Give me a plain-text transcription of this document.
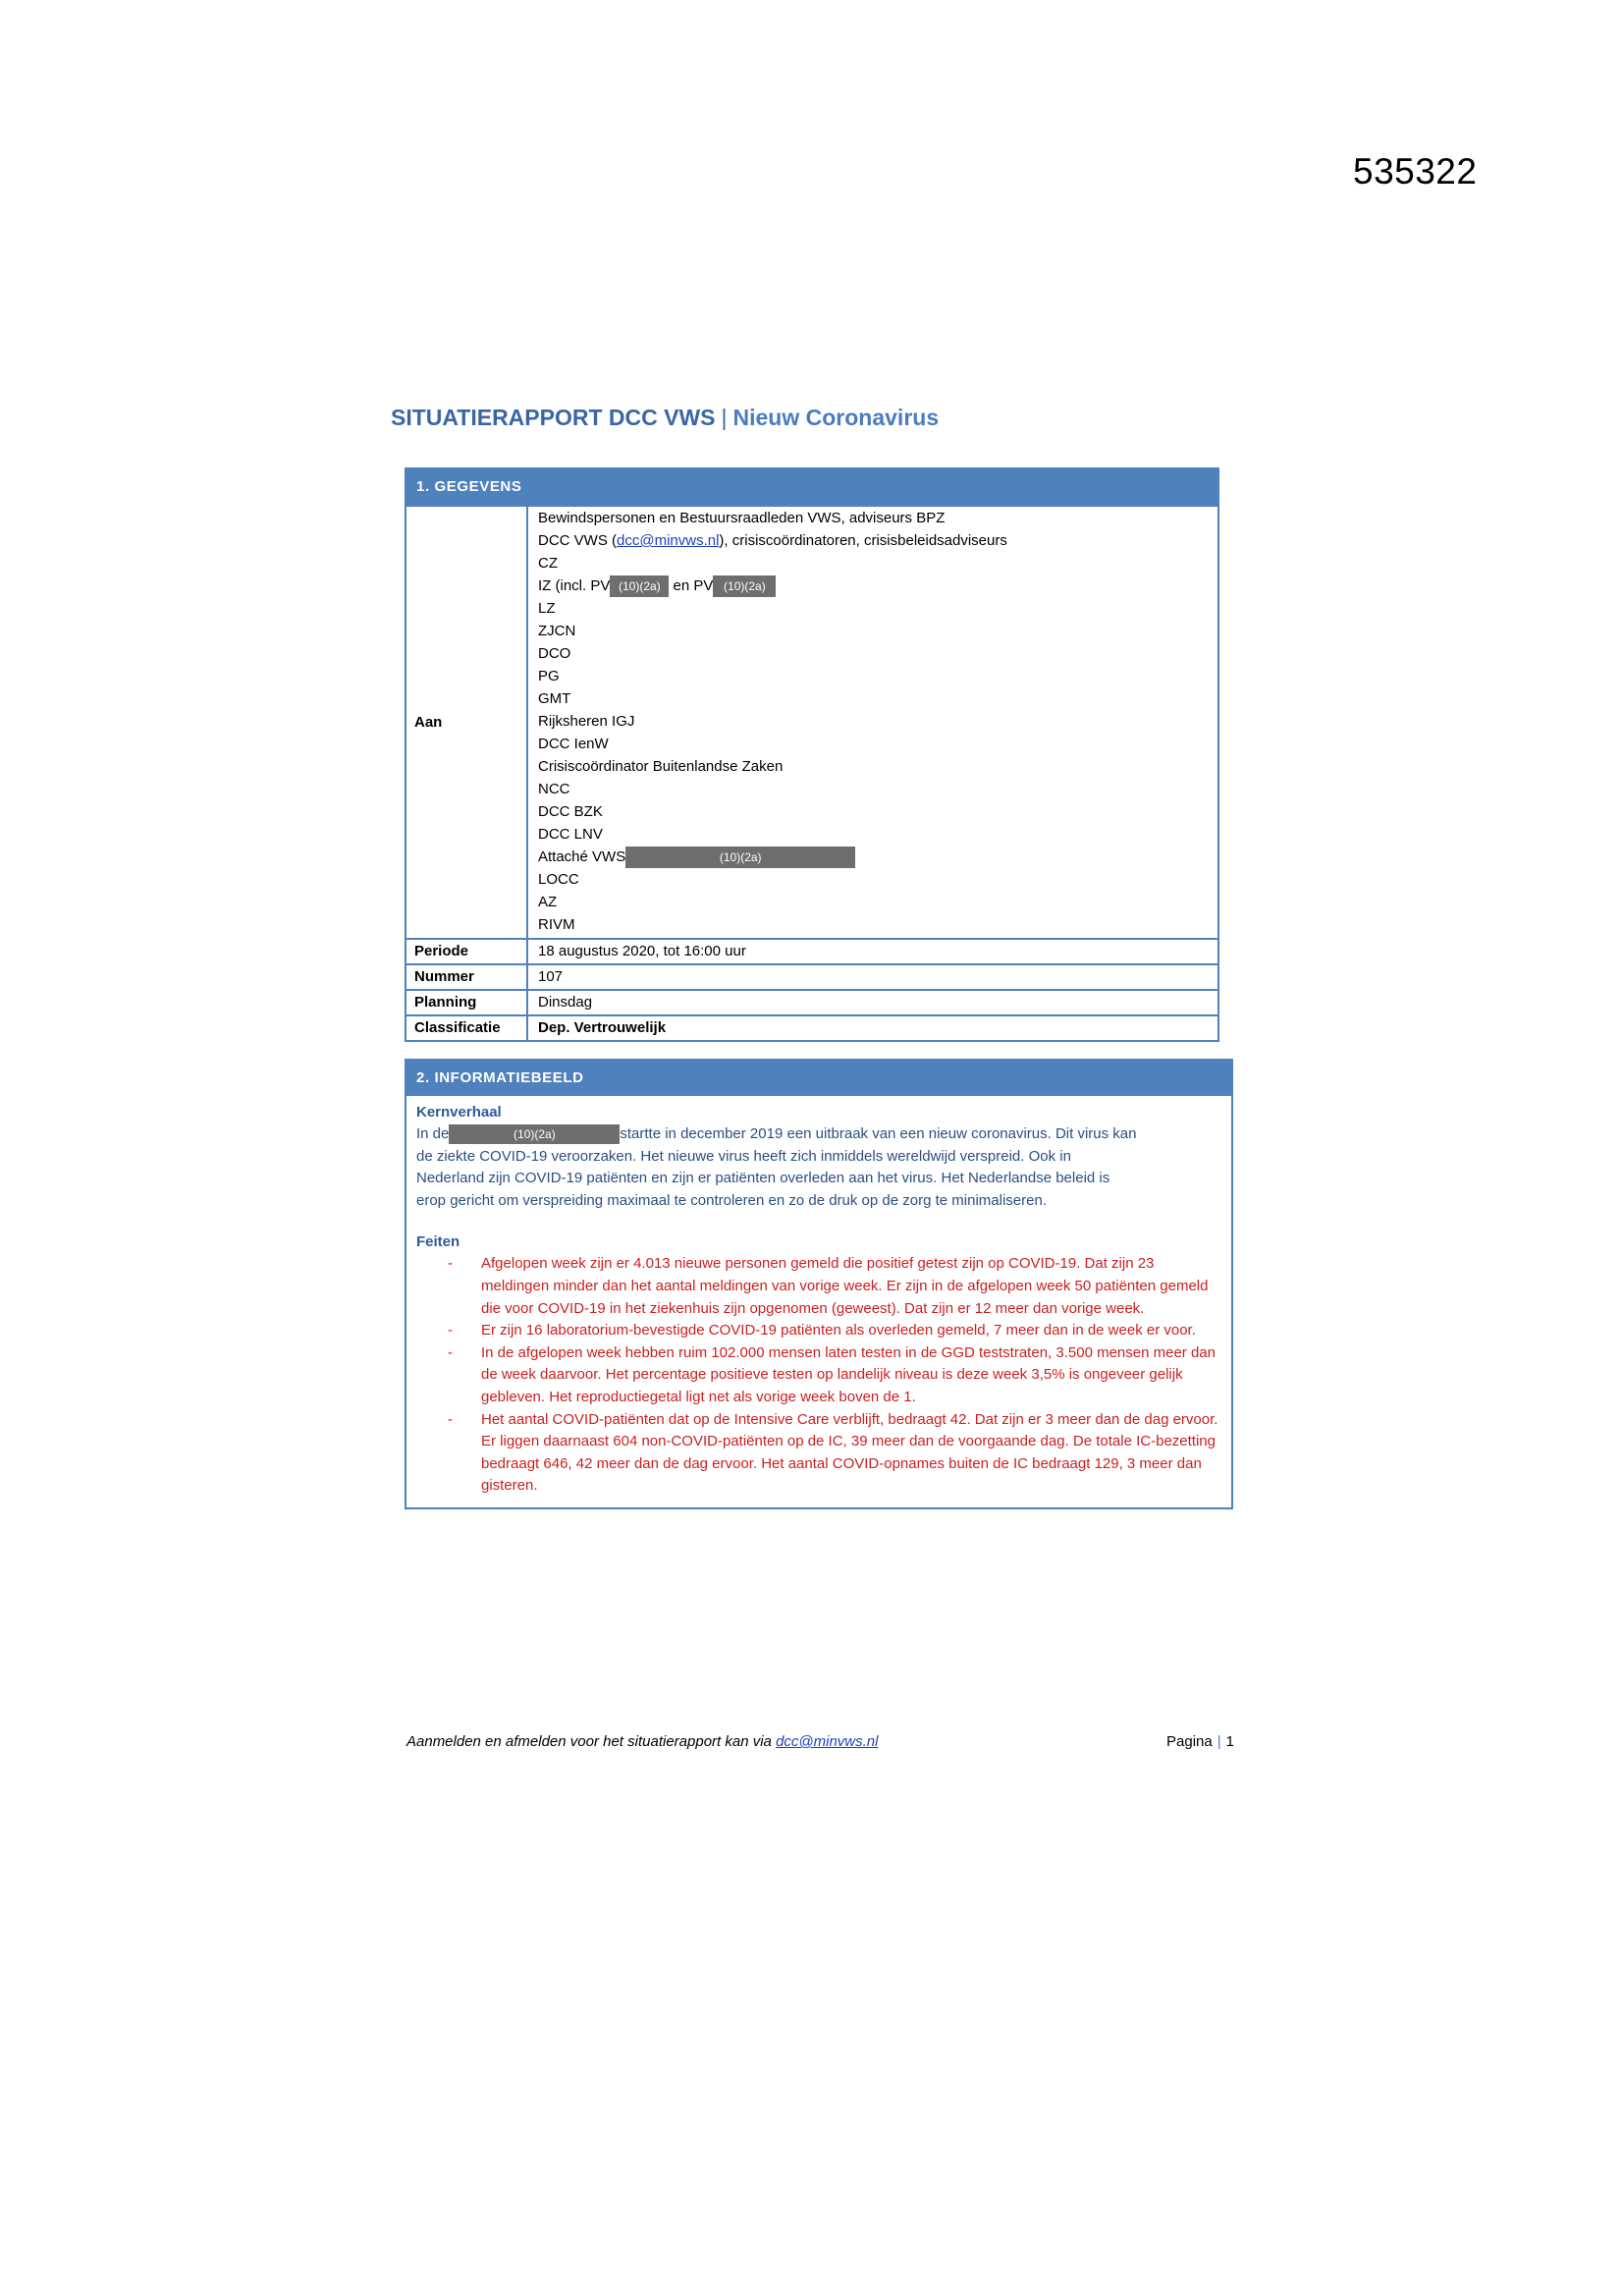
535322
SITUATIERAPPORT DCC VWS | Nieuw Coronavirus
1. GEGEVENS
Aan
Bewindspersonen en Bestuursraadleden VWS, adviseurs BPZ
DCC VWS (dcc@minvws.nl), crisiscoördinatoren, crisisbeleidsadviseurs
CZ
IZ (incl. PV (10)(2a) en PV (10)(2a)
LZ
ZJCN
DCO
PG
GMT
Rijksheren IGJ
DCC IenW
Crisiscoördinator Buitenlandse Zaken
NCC
DCC BZK
DCC LNV
Attaché VWS	(10)(2a)
LOCC
AZ
RIVM
Periode	18 augustus 2020, tot 16:00 uur
Nummer	107
Planning	Dinsdag
Classificatie	Dep. Vertrouwelijk
2. INFORMATIEBEELD
Kernverhaal
In de	(10)(2a)	startte in december 2019 een uitbraak van een nieuw coronavirus. Dit virus kan
de ziekte COVID-19 veroorzaken. Het nieuwe virus heeft zich inmiddels wereldwijd verspreid. Ook in
Nederland zijn COVID-19 patiënten en zijn er patiënten overleden aan het virus. Het Nederlandse beleid is
erop gericht om verspreiding maximaal te controleren en zo de druk op de zorg te minimaliseren.
Feiten
-	Afgelopen week zijn er 4.013 nieuwe personen gemeld die positief getest zijn op COVID-19. Dat zijn 23 meldingen minder dan het aantal meldingen van vorige week. Er zijn in de afgelopen week 50 patiënten gemeld die voor COVID-19 in het ziekenhuis zijn opgenomen (geweest). Dat zijn er 12 meer dan vorige week.
-	Er zijn 16 laboratorium-bevestigde COVID-19 patiënten als overleden gemeld, 7 meer dan in de week er voor.
-	In de afgelopen week hebben ruim 102.000 mensen laten testen in de GGD teststraten, 3.500 mensen meer dan de week daarvoor. Het percentage positieve testen op landelijk niveau is deze week 3,5% is ongeveer gelijk gebleven. Het reproductiegetal ligt net als vorige week boven de 1.
-	Het aantal COVID-patiënten dat op de Intensive Care verblijft, bedraagt 42. Dat zijn er 3 meer dan de dag ervoor. Er liggen daarnaast 604 non-COVID-patiënten op de IC, 39 meer dan de voorgaande dag. De totale IC-bezetting bedraagt 646, 42 meer dan de dag ervoor. Het aantal COVID-opnames buiten de IC bedraagt 129, 3 meer dan gisteren.
Aanmelden en afmelden voor het situatierapport kan via dcc@minvws.nl	Pagina | 1
